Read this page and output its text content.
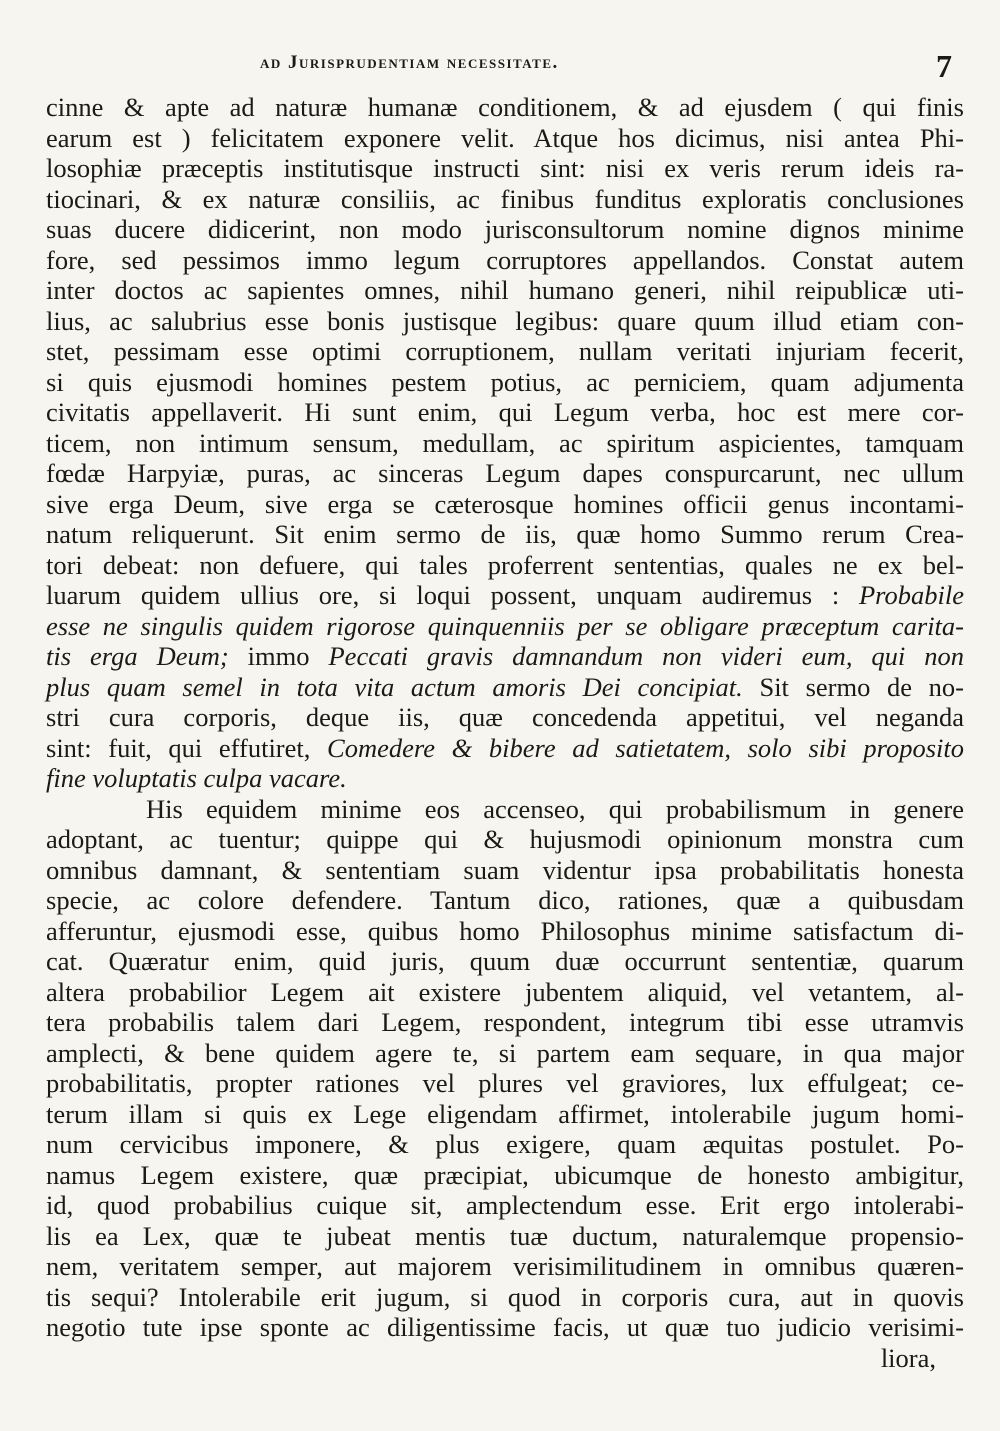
ad Jurisprudentiam necessitate.	7
cinne & apte ad naturæ humanæ conditionem, & ad ejusdem ( qui finis
earum est ) felicitatem exponere velit. Atque hos dicimus, nisi antea Phi-
losophiæ præceptis institutisque instructi sint: nisi ex veris rerum ideis ra-
tiocinari, & ex naturæ consiliis, ac finibus funditus exploratis conclusiones
suas ducere didicerint, non modo jurisconsultorum nomine dignos minime
fore, sed pessimos immo legum corruptores appellandos. Constat autem
inter doctos ac sapientes omnes, nihil humano generi, nihil reipublicæ uti-
lius, ac salubrius esse bonis justisque legibus: quare quum illud etiam con-
stet, pessimam esse optimi corruptionem, nullam veritati injuriam fecerit,
si quis ejusmodi homines pestem potius, ac perniciem, quam adjumenta
civitatis appellaverit. Hi sunt enim, qui Legum verba, hoc est mere cor-
ticem, non intimum sensum, medullam, ac spiritum aspicientes, tamquam
fœdæ Harpyiæ, puras, ac sinceras Legum dapes conspurcarunt, nec ullum
sive erga Deum, sive erga se cæterosque homines officii genus incontami-
natum reliquerunt. Sit enim sermo de iis, quæ homo Summo rerum Crea-
tori debeat: non defuere, qui tales proferrent sententias, quales ne ex bel-
luarum quidem ullius ore, si loqui possent, unquam audiremus : Probabile
esse ne singulis quidem rigorose quinquenniis per se obligare præceptum carita-
tis erga Deum; immo Peccati gravis damnandum non videri eum, qui non
plus quam semel in tota vita actum amoris Dei concipiat. Sit sermo de no-
stri cura corporis, deque iis, quæ concedenda appetitui, vel neganda
sint: fuit, qui effutiret, Comedere & bibere ad satietatem, solo sibi proposito
fine voluptatis culpa vacare.
His equidem minime eos accenseo, qui probabilismum in genere
adoptant, ac tuentur; quippe qui & hujusmodi opinionum monstra cum
omnibus damnant, & sententiam suam videntur ipsa probabilitatis honesta
specie, ac colore defendere. Tantum dico, rationes, quæ a quibusdam
afferuntur, ejusmodi esse, quibus homo Philosophus minime satisfactum di-
cat. Quæratur enim, quid juris, quum duæ occurrunt sententiæ, quarum
altera probabilior Legem ait existere jubentem aliquid, vel vetantem, al-
tera probabilis talem dari Legem, respondent, integrum tibi esse utramvis
amplecti, & bene quidem agere te, si partem eam sequare, in qua major
probabilitatis, propter rationes vel plures vel graviores, lux effulgeat; ce-
terum illam si quis ex Lege eligendam affirmet, intolerabile jugum homi-
num cervicibus imponere, & plus exigere, quam æquitas postulet. Po-
namus Legem existere, quæ præcipiat, ubicumque de honesto ambigitur,
id, quod probabilius cuique sit, amplectendum esse. Erit ergo intolerabi-
lis ea Lex, quæ te jubeat mentis tuæ ductum, naturalemque propensio-
nem, veritatem semper, aut majorem verisimilitudinem in omnibus quæren-
tis sequi? Intolerabile erit jugum, si quod in corporis cura, aut in quovis
negotio tute ipse sponte ac diligentissime facis, ut quæ tuo judicio verisimi-
liora,
